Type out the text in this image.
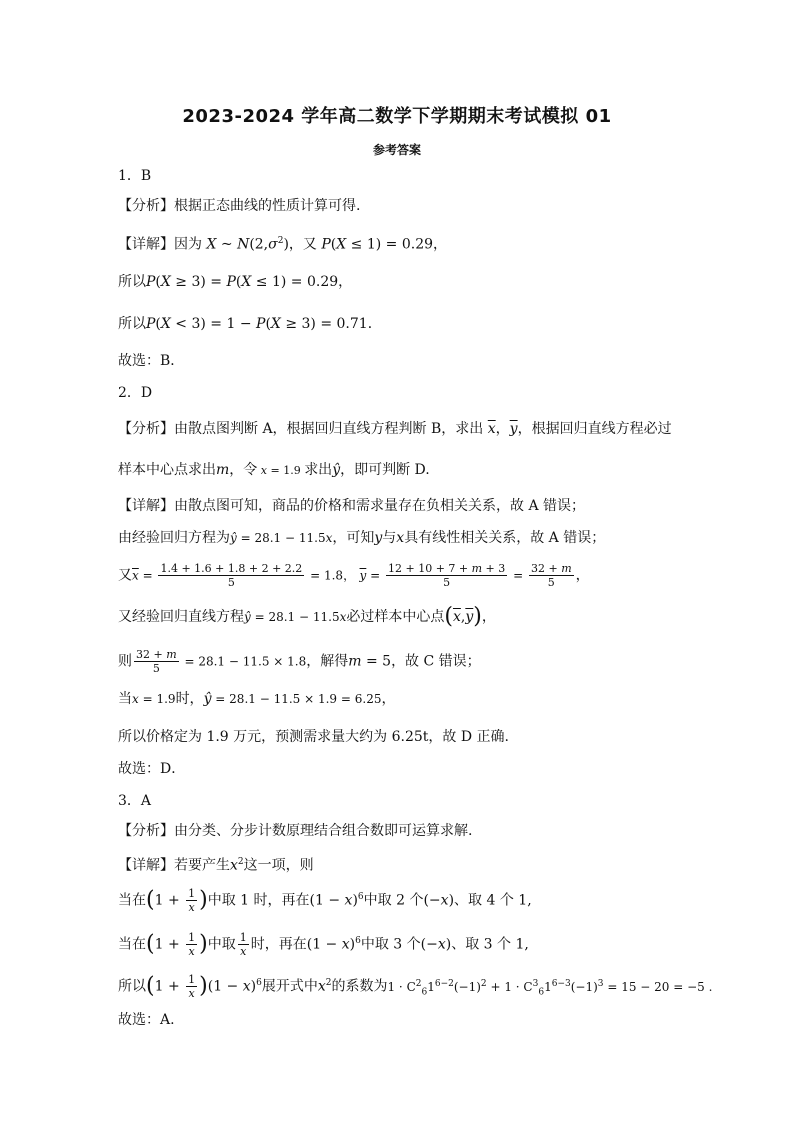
2023-2024 学年高二数学下学期期末考试模拟 01
参考答案
1．B
【分析】根据正态曲线的性质计算可得.
【详解】因为 X ~ $N(2,\sigma^2)$，又 P(X ≤ 1) = 0.29，
所以P(X ≥ 3) = P(X ≤ 1) = 0.29，
所以P(X < 3) = 1 − P(X ≥ 3) = 0.71．
故选：B．
2．D
【分析】由散点图判断 A，根据回归直线方程判断 B，求出 $\overline{x}$，$\overline{y}$，根据回归直线方程必过
样本中心点求出m，令 x = 1.9 求出ŷ，即可判断 D.
【详解】由散点图可知，商品的价格和需求量存在负相关关系，故 A 错误；
由经验回归方程为ŷ = 28.1 − 11.5x，可知y与x具有线性相关关系，故 A 错误；
又$\overline{x} = \frac{1.4 + 1.6 + 1.8 + 2 + 2.2}{5} = 1.8$， $\overline{y} = \frac{12 + 10 + 7 + m + 3}{5} = \frac{32 + m}{5}$ ，
又经验回归直线方程ŷ = 28.1 − 11.5x必过样本中心点$(\overline{x},\overline{y})$，
则 $\frac{32 + m}{5} = 28.1 - 11.5 \times 1.8$，解得m = 5，故 C 错误；
当x = 1.9时，ŷ = 28.1 − 11.5 × 1.9 = 6.25，
所以价格定为 1.9 万元，预测需求量大约为 6.25t，故 D 正确.
故选：D．
3．A
【分析】由分类、分步计数原理结合组合数即可运算求解.
【详解】若要产生$x^2$这一项，则
当在($1 + \frac{1}{x}$ )中取 1 时，再在$(1 - x)^6$中取 2 个(−x)、取 4 个 1,
当在($1 + \frac{1}{x}$ )中取 $\frac{1}{x}$ 时，再在$(1 - x)^6$中取 3 个(−x)、取 3 个 1,
所以$(1 + \frac{1}{x} )(1 - x)^6$展开式中$x^2$的系数为$1 \cdot C^2_61^{6-2}(-1)^2 + 1 \cdot C^3_61^{6-3}(-1)^3 = 15 - 20 = -5$ .
故选：A.
